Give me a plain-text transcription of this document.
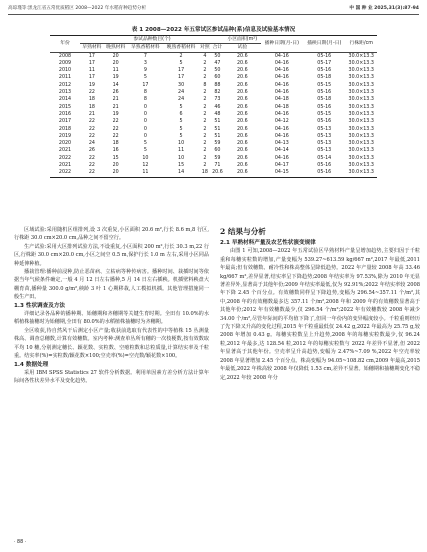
高琼瑾等:黑龙江省五常优质稻区 2008—2022 年水稻育种趋势分析	中 国 种 业 2025,31(3):87-94
表 1 2008—2022 年五常试区参试品种(系)信息及试验基本情况
年份	参试品种数目(个)						小区面积(m²)	播种日期(月-日)	插秧日期(月-日)	行株距/cm
	早熟材料	晚熟材料	早熟香稻材料	晚熟香稻材料	对照	合计	试验			
2008	17	20	7	2	4	50	20.6	04-16	05-16	30.0×13.3
2009	17	20	3	5	2	47	20.6	04-16	05-17	30.0×13.3
2010	11	11	9	17	2	50	20.6	04-16	05-16	30.0×13.3
2011	17	19	5	17	2	60	20.6	04-16	05-18	30.0×13.3
2012	19	14	17	30	8	88	20.6	04-16	05-15	30.0×13.3
2013	22	26	8	24	2	82	20.6	04-16	05-16	30.0×13.3
2014	18	21	8	24	2	73	20.6	04-18	05-18	30.0×13.3
2015	18	21	0	5	2	46	20.6	04-18	05-16	30.0×13.3
2016	21	19	0	6	2	48	20.6	04-16	05-15	30.0×13.3
2017	22	22	0	5	2	51	20.6	04-12	05-16	30.0×13.3
2018	22	22	0	5	2	51	20.6	04-16	05-13	30.0×13.3
2019	22	22	0	5	2	51	20.6	04-16	05-13	30.0×13.3
2020	24	18	5	10	2	59	20.6	04-13	05-13	30.0×13.3
2021	26	16	5	11	2	60	20.6	04-14	05-13	30.0×13.3
2022	22	15	10	10	2	59	20.6	04-16	05-14	30.0×13.3
2021	22	20	12	15	2	71	20.6	04-17	05-16	30.0×13.3
2022	22	20	11	14	18	20.6	20.6	04-15	05-16	30.0×13.3

区域试验:采用随机区组排列,设 3 次重复,小区面积 20.6 m²,行长 8.6 m,8 行区,行株距 30.0 cm×20.0 cm,品种之间不留空行。

生产试验:采用大区排列试验方法,不设重复,小区面积 200 m²,行长 30.3 m,22 行区,行株距 30.0 cm×20.0 cm,小区之间空 0.5 m,保护行长 1.0 m 左右,采用小区同品种延伸种植。

播栽管理:播种前浸种,防止恶苗病、立枯病等种传病害。播种时间、栽插时间等依据当年气候条件确定,一般 4 月 12 日左右播种,5 月 14 日左右插秧。机插壁料秧盘大棚育苗,播种量 300.0 g/m²,秧龄 3 叶 1 心期移栽,人工模拟机插。其他管理措施同一般生产田。

1.3 性状调查及方法

详细记录各品种的播种期、始穗期和齐穗期等关键生育时期。全田有 10.0%的水稻植株抽穗时为始穗期,全田有 80.0%的水稻植株抽穗时为齐穗期。

全区收获,待自然风干后测定小区产量;收获前选取有代表性的中等植株 15 丛测量株高、调查总穗数,计算有效穗数。室内考种:测查单丛所有穗的一次枝梗数,按有效数取平均 10 穗,分别测定穗长、颖花数、实粒数、空瘪粒数和总粒质量,计算结实率及千粒重。结实率(%)=实粒数/颖花数×100;空壳率(%)=空壳数/颖花数×100。

1.4 数据处理

采用 IBM SPSS Statistics 27 软件分析数据。利用单因素方差分析方法计算年际间各性状差异水平及变化趋势。

2 结果与分析

2.1 早熟材料产量及农艺性状演变规律

由图 1 可知,2008—2022 年五常试验区早熟材料产量呈增加趋势,主要归因于千粒重和每穗实粒数的增加,产量变幅为 539.27~613.59 kg/667 m²,2017 年最低,2011 年最高;但有效穗数、耐冷性和株高整体呈降低趋势。2022 年产量较 2008 年高 33.46 kg/667 m²,差异显著,结实率呈下降趋势;2008 年结实率为 97.53%,除为 2010 年无显著差异外,显著高于其他年份;2009 年结实率最低,仅为 92.91%;2022 年结实率较 2008 年下降 2.45 个百分点。有效穗数同样呈下降趋势,变幅为 296.54~357.11 个/m²,其中,2008 年的有效穗数最多达 357.11 个/m²,2008 年和 2009 年的有效穗数显著高于其他年份;2012 年有效穗数最少,仅 296.54 个/m²;2022 年有效穗数较 2008 年减少 34.00 个/m²,尽管年际间的平均值下降了,但同一年份内的变异幅度较小。千粒重则经历了先下降又升高的变化过程,2015 年千粒重最低仅 24.42 g,2022 年最高为 25.75 g,较 2008 年增加 0.43 g。每穗实粒数呈上升趋势,2008 年的每穗实粒数最少,仅 96.24 粒,2012 年最多,达 128.54 粒,2012 年的每穗实粒数与 2022 年差异不显著,但 2022 年显著高于其他年份。空壳率呈升高趋势,变幅为 2.47%~7.09 %,2022 年空壳率较 2008 年显著增加 2.45 个百分点。株高变幅为 94.05~108.82 cm,2009 年最高,2015 年最低,2022 年株高较 2008 年仅降低 1.53 cm,差异不显著。始穗期和抽穗期变化不稳定,2022 年较 2008 年分

· 88 ·
